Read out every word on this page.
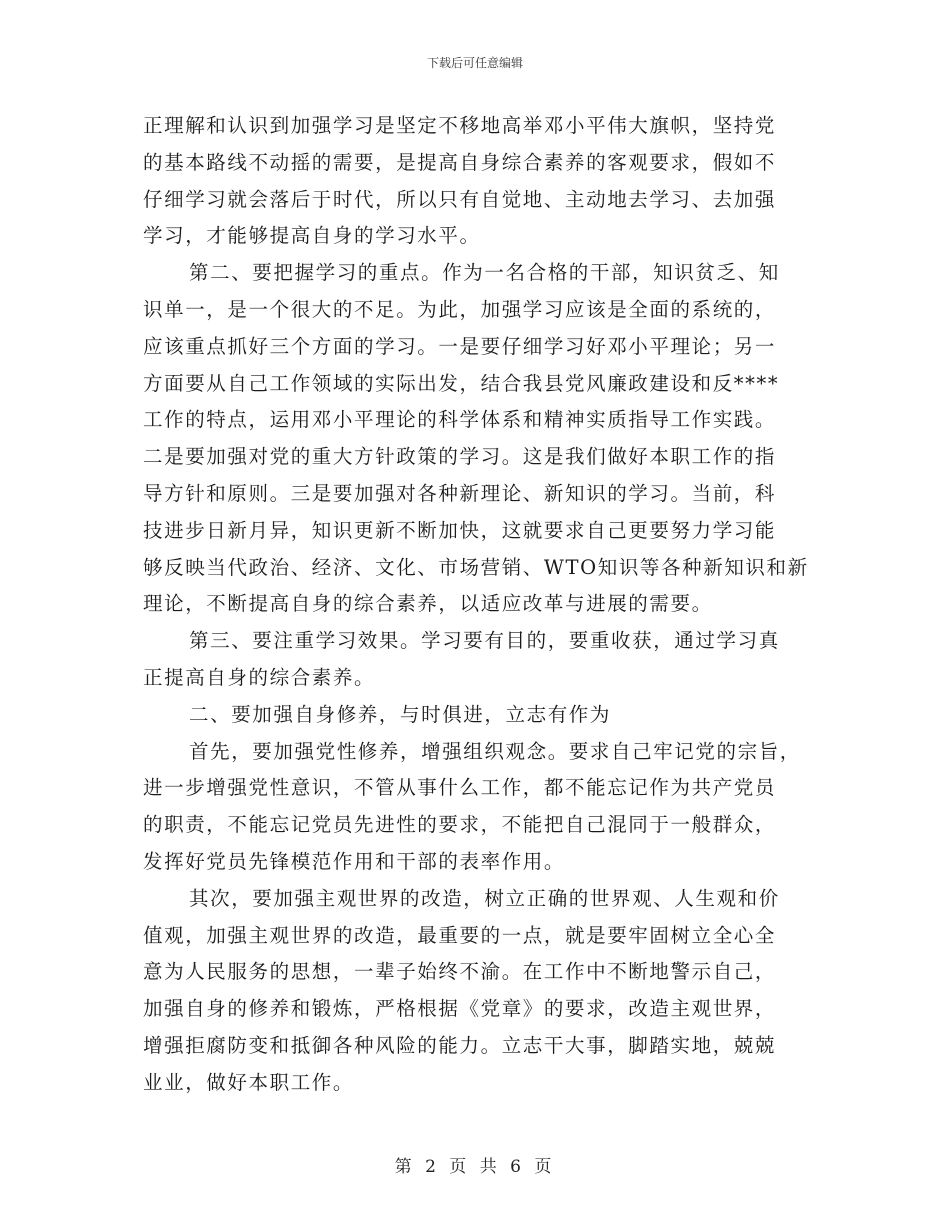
下载后可任意编辑
正理解和认识到加强学习是坚定不移地高举邓小平伟大旗帜，坚持党
的基本路线不动摇的需要，是提高自身综合素养的客观要求，假如不
仔细学习就会落后于时代，所以只有自觉地、主动地去学习、去加强
学习，才能够提高自身的学习水平。
第二、要把握学习的重点。作为一名合格的干部，知识贫乏、知
识单一，是一个很大的不足。为此，加强学习应该是全面的系统的，
应该重点抓好三个方面的学习。一是要仔细学习好邓小平理论；另一
方面要从自己工作领域的实际出发，结合我县党风廉政建设和反****
工作的特点，运用邓小平理论的科学体系和精神实质指导工作实践。
二是要加强对党的重大方针政策的学习。这是我们做好本职工作的指
导方针和原则。三是要加强对各种新理论、新知识的学习。当前，科
技进步日新月异，知识更新不断加快，这就要求自己更要努力学习能
够反映当代政治、经济、文化、市场营销、WTO知识等各种新知识和新
理论，不断提高自身的综合素养，以适应改革与进展的需要。
第三、要注重学习效果。学习要有目的，要重收获，通过学习真
正提高自身的综合素养。
二、要加强自身修养，与时俱进，立志有作为
首先，要加强党性修养，增强组织观念。要求自己牢记党的宗旨，
进一步增强党性意识，不管从事什么工作，都不能忘记作为共产党员
的职责，不能忘记党员先进性的要求，不能把自己混同于一般群众，
发挥好党员先锋模范作用和干部的表率作用。
其次，要加强主观世界的改造，树立正确的世界观、人生观和价
值观，加强主观世界的改造，最重要的一点，就是要牢固树立全心全
意为人民服务的思想，一辈子始终不渝。在工作中不断地警示自己，
加强自身的修养和锻炼，严格根据《党章》的要求，改造主观世界，
增强拒腐防变和抵御各种风险的能力。立志干大事，脚踏实地，兢兢
业业，做好本职工作。
第 2 页 共 6 页
